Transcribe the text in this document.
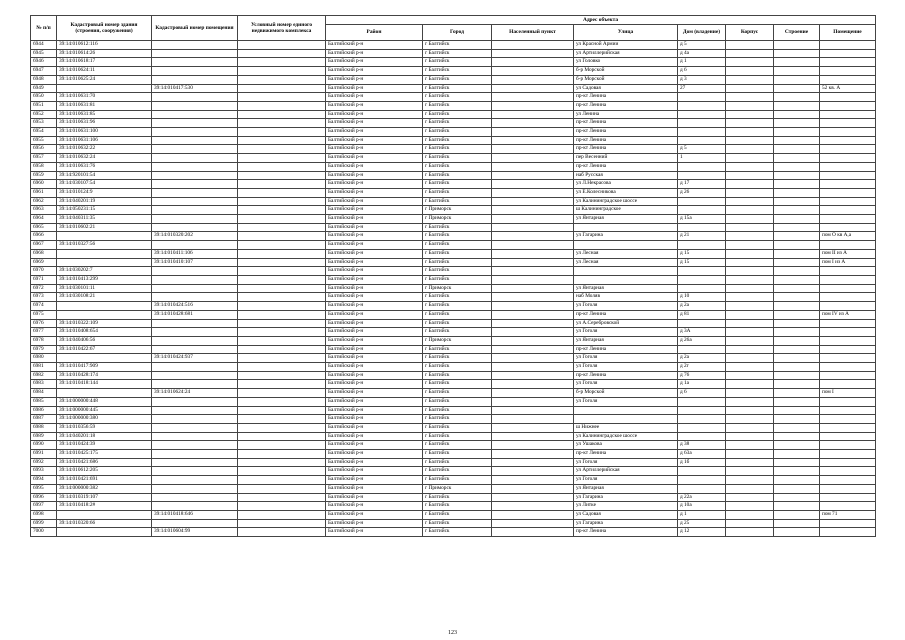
№ п/п	Кадастровый номер здания (строения, сооружения)	Кадастровый номер помещения	Условный номер единого недвижимого комплекса	Адрес объекта							
				Район	Город	Населенный пункт	Улица	Дом (владение)	Корпус	Строение	Помещение
6944	39:14:010612:116			Балтийский р-н	г Балтийск		ул Красной Армии	д 5			
6945	39:14:010614:26			Балтийский р-н	г Балтийск		ул Артиллерийская	д 4а			
6946	39:14:010618:17			Балтийский р-н	г Балтийск		ул Головко	д 1			
6947	39:14:010624:11			Балтийский р-н	г Балтийск		б-р Морской	д 6			
6948	39:14:010625:24			Балтийский р-н	г Балтийск		б-р Морской	д 3			
6949		39:14:010417:530		Балтийский р-н	г Балтийск		ул Садовая	27			52 кв. А
6950	39:14:010631:70			Балтийский р-н	г Балтийск		пр-кт Ленина				
6951	39:14:010631:81			Балтийский р-н	г Балтийск		пр-кт Ленина				
6952	39:14:010631:85			Балтийский р-н	г Балтийск		ул Ленина				
6953	39:14:010631:96			Балтийский р-н	г Балтийск		пр-кт Ленина				
6954	39:14:010631:100			Балтийский р-н	г Балтийск		пр-кт Ленина				
6955	39:14:010631:106			Балтийский р-н	г Балтийск		пр-кт Ленина				
6956	39:14:010632:22			Балтийский р-н	г Балтийск		пр-кт Ленина	д 5			
6957	39:14:010632:24			Балтийский р-н	г Балтийск		пер Весенний	1			
6958	39:14:010631:76			Балтийский р-н	г Балтийск		пр-кт Ленина				
6959	39:14:920101:54			Балтийский р-н	г Балтийск		наб Русская				
6960	39:14:030107:54			Балтийский р-н	г Балтийск		ул Л.Некрасова	д 17			
6961	39:14:010124:9			Балтийский р-н	г Балтийск		ул Е.Колесникова	д 26			
6962	39:14:040201:19			Балтийский р-н	г Балтийск		ул Калининградское шоссе				
6963	39:14:050231:15			Балтийский р-н	г Приморск		ш Калининградское				
6964	39:14:040311:35			Балтийский р-н	г Приморск		ул Янтарная	д 15а			
6965	39:14:010602:21			Балтийский р-н	г Балтийск						
6966		39:14:010320:202		Балтийский р-н	г Балтийск		ул Гагарина	д 21			пом О кв А,а
6967	39:14:010327:56			Балтийский р-н	г Балтийск						
6968		39:14:010411:106		Балтийский р-н	г Балтийск		ул Лесная	д 15			пом II из А
6969		39:14:010410:107		Балтийский р-н	г Балтийск		ул Лесная	д 15			пом I из А
6970	39:14:030202:7			Балтийский р-н	г Балтийск						
6971	39:14:010413:299			Балтийский р-н	г Балтийск						
6972	39:14:030101:11			Балтийский р-н	г Приморск		ул Янтарная				
6973	39:14:030108:21			Балтийский р-н	г Балтийск		наб Моляв	д 10			
6974		39:14:010424:516		Балтийский р-н	г Балтийск		ул Гоголя	д 2а			
6975		39:14:010428:681		Балтийский р-н	г Балтийск		пр-кт Ленина	д 81			пом IV из А
6976	39:14:010322:109			Балтийский р-н	г Балтийск		ул А.Серебровской				
6977	39:14:010408:654			Балтийский р-н	г Балтийск		ул Гоголя	д 3А			
6978	39:14:040406:56			Балтийский р-н	г Приморск		ул Янтарная	д 26а			
6979	39:14:010422:67			Балтийский р-н	г Балтийск		пр-кт Ленина				
6980		39:14:010424:937		Балтийский р-н	г Балтийск		ул Гоголя	д 2а			
6981	39:14:010417:909			Балтийский р-н	г Балтийск		ул Гоголя	д 2г			
6982	39:14:010428:174			Балтийский р-н	г Балтийск		пр-кт Ленина	д 76			
6983	39:14:010418:144			Балтийский р-н	г Балтийск		ул Гоголя	д 1а			
6984		39:14:010624:24		Балтийский р-н	г Балтийск		б-р Морской	д 6			пом I
6985	39:14:000000:448			Балтийский р-н	г Балтийск		ул Гоголя				
6986	39:14:000000:445			Балтийский р-н	г Балтийск						
6987	39:14:000000:380			Балтийский р-н	г Балтийск						
6988	39:14:010356:59			Балтийский р-н	г Балтийск		ш Нижнее				
6989	39:14:040201:18			Балтийский р-н	г Балтийск		ул Калининградское шоссе				
6990	39:14:010424:39			Балтийский р-н	г Балтийск		ул Ушакова	д 38			
6991	39:14:010425:175			Балтийский р-н	г Балтийск		пр-кт Ленина	д 63а			
6992	39:14:010421:686			Балтийский р-н	г Балтийск		ул Гоголя	д 1б			
6993	39:14:010612:205			Балтийский р-н	г Балтийск		ул Артиллерийская				
6994	39:14:010421:691			Балтийский р-н	г Балтийск		ул Гоголя				
6995	39:14:000000:382			Балтийский р-н	г Приморск		ул Янтарная				
6996	39:14:010319:107			Балтийский р-н	г Балтийск		ул Гагарина	д 22а			
6997	39:14:010418:2#			Балтийский р-н	г Балтийск		ул Литке	д 10а			
6998		39:14:010418:646		Балтийский р-н	г Балтийск		ул Садовая	д 1			пом 71
6999	39:14:010320:66			Балтийский р-н	г Балтийск		ул Гагарина	д 25			
7000		39:14:010604:99		Балтийский р-н	г Балтийск		пр-кт Ленина	д 12			
123
